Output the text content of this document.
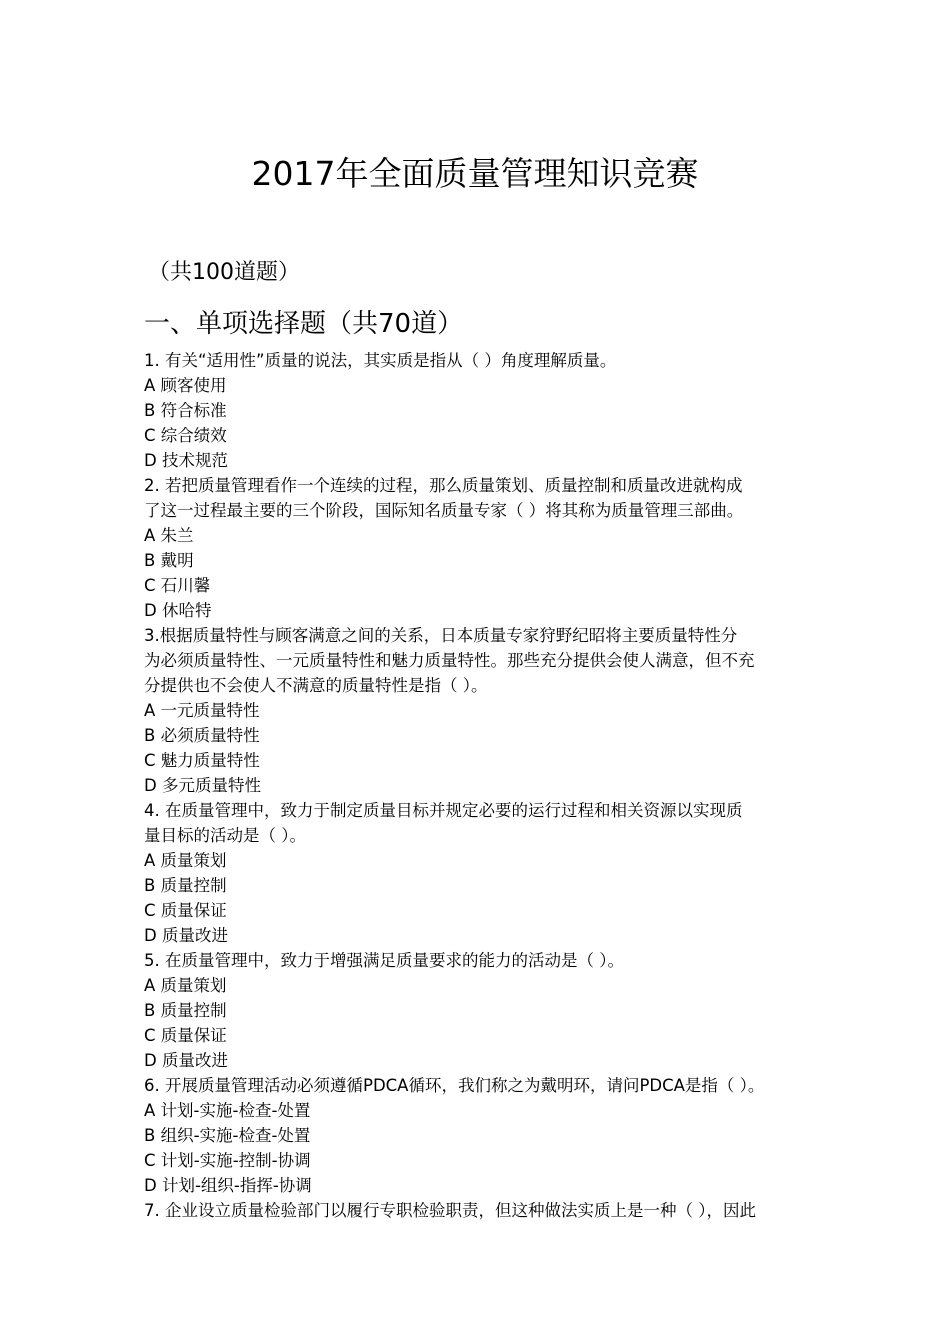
2017年全面质量管理知识竞赛

（共100道题）

一、单项选择题（共70道）
1. 有关“适用性”质量的说法，其实质是指从（ ）角度理解质量。
A 顾客使用
B 符合标准
C 综合绩效
D 技术规范
2. 若把质量管理看作一个连续的过程，那么质量策划、质量控制和质量改进就构成
了这一过程最主要的三个阶段，国际知名质量专家（ ）将其称为质量管理三部曲。
A 朱兰
B 戴明
C 石川馨
D 休哈特
3.根据质量特性与顾客满意之间的关系，日本质量专家狩野纪昭将主要质量特性分
为必须质量特性、一元质量特性和魅力质量特性。那些充分提供会使人满意，但不充
分提供也不会使人不满意的质量特性是指（ ）。
A 一元质量特性
B 必须质量特性
C 魅力质量特性
D 多元质量特性
4. 在质量管理中，致力于制定质量目标并规定必要的运行过程和相关资源以实现质
量目标的活动是（ ）。
A 质量策划
B 质量控制
C 质量保证
D 质量改进
5. 在质量管理中，致力于增强满足质量要求的能力的活动是（ ）。
A 质量策划
B 质量控制
C 质量保证
D 质量改进
6. 开展质量管理活动必须遵循PDCA循环，我们称之为戴明环，请问PDCA是指（ ）。
A 计划-实施-检查-处置
B 组织-实施-检查-处置
C 计划-实施-控制-协调
D 计划-组织-指挥-协调
7. 企业设立质量检验部门以履行专职检验职责，但这种做法实质上是一种（ ），因此
